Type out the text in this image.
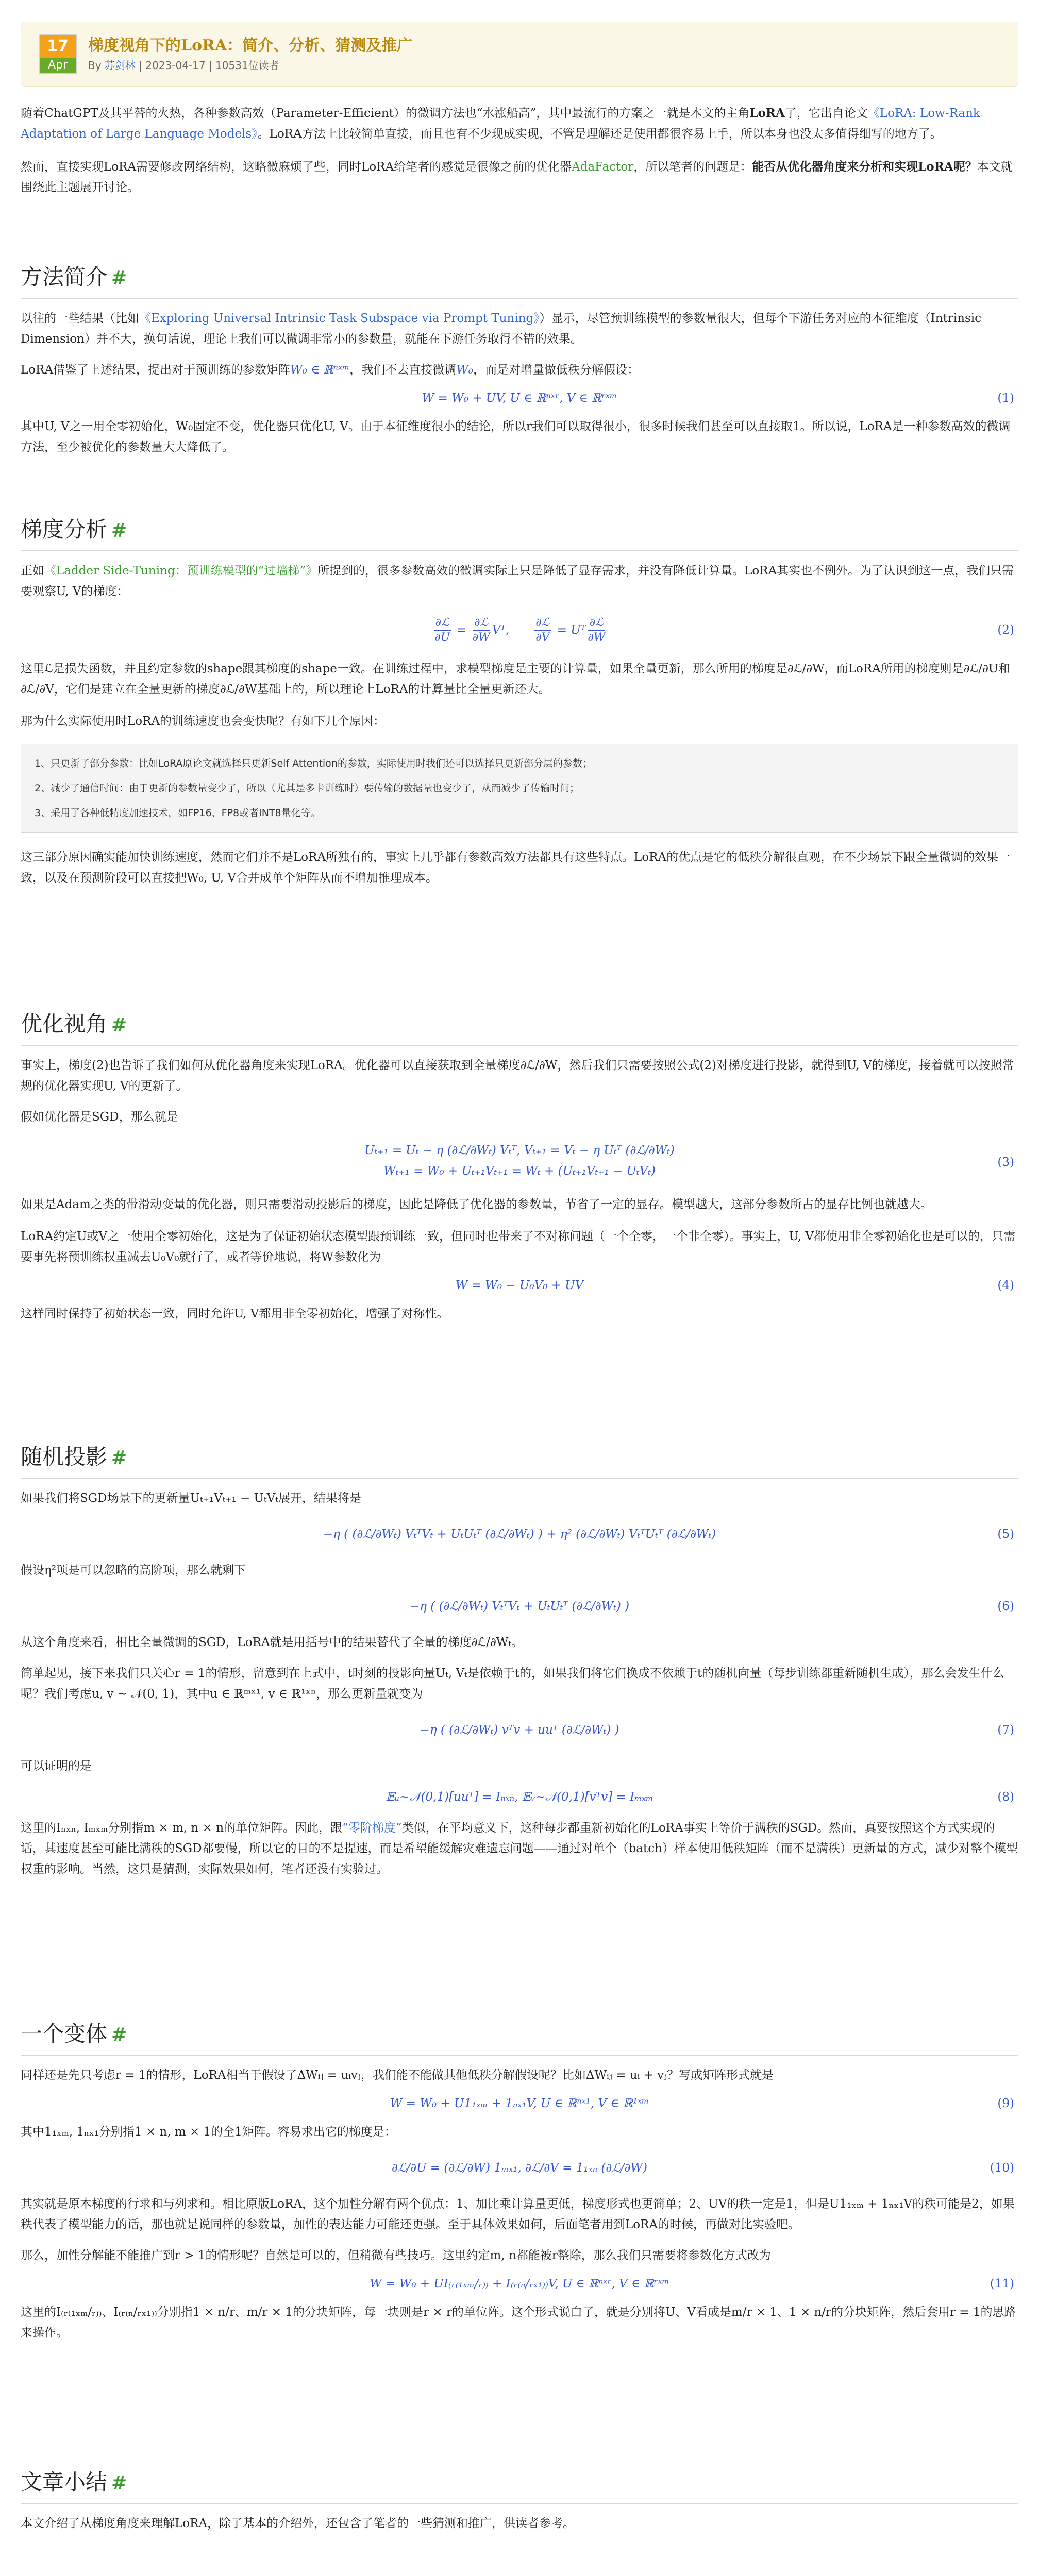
17
Apr
梯度视角下的LoRA：简介、分析、猜测及推广
By 苏剑林 | 2023-04-17 | 10531位读者

随着ChatGPT及其平替的火热，各种参数高效（Parameter-Efficient）的微调方法也“水涨船高”，其中最流行的方案之一就是本文的主角LoRA了，它出自论文《LoRA: Low-Rank Adaptation of Large Language Models》。LoRA方法上比较简单直接，而且也有不少现成实现，不管是理解还是使用都很容易上手，所以本身也没太多值得细写的地方了。

然而，直接实现LoRA需要修改网络结构，这略微麻烦了些，同时LoRA给笔者的感觉是很像之前的优化器AdaFactor，所以笔者的问题是：能否从优化器角度来分析和实现LoRA呢？本文就围绕此主题展开讨论。

方法简介 #

以往的一些结果（比如《Exploring Universal Intrinsic Task Subspace via Prompt Tuning》）显示，尽管预训练模型的参数量很大，但每个下游任务对应的本征维度（Intrinsic Dimension）并不大，换句话说，理论上我们可以微调非常小的参数量，就能在下游任务取得不错的效果。

LoRA借鉴了上述结果，提出对于预训练的参数矩阵W₀ ∈ ℝⁿˣᵐ，我们不去直接微调W₀，而是对增量做低秩分解假设：

W = W₀ + UV, U ∈ ℝⁿˣʳ, V ∈ ℝʳˣᵐ	(1)

其中U, V之一用全零初始化，W₀固定不变，优化器只优化U, V。由于本征维度很小的结论，所以r我们可以取得很小，很多时候我们甚至可以直接取1。所以说，LoRA是一种参数高效的微调方法，至少被优化的参数量大大降低了。

梯度分析 #

正如《Ladder Side-Tuning：预训练模型的“过墙梯”》所提到的，很多参数高效的微调实际上只是降低了显存需求，并没有降低计算量。LoRA其实也不例外。为了认识到这一点，我们只需要观察U, V的梯度：

$\frac{\text{∂ℒ}}{\partial U} = \frac{\text{∂ℒ}}{\partial W}$ Vᵀ, $\frac{\text{∂ℒ}}{\partial V}$ = Uᵀ $\frac{\text{∂ℒ}}{\partial W}$	(2)

这里ℒ是损失函数，并且约定参数的shape跟其梯度的shape一致。在训练过程中，求模型梯度是主要的计算量，如果全量更新，那么所用的梯度是∂ℒ/∂W，而LoRA所用的梯度则是∂ℒ/∂U和∂ℒ/∂V，它们是建立在全量更新的梯度∂ℒ/∂W基础上的，所以理论上LoRA的计算量比全量更新还大。

那为什么实际使用时LoRA的训练速度也会变快呢？有如下几个原因：

1、只更新了部分参数：比如LoRA原论文就选择只更新Self Attention的参数，实际使用时我们还可以选择只更新部分层的参数；

2、减少了通信时间：由于更新的参数量变少了，所以（尤其是多卡训练时）要传输的数据量也变少了，从而减少了传输时间；

3、采用了各种低精度加速技术，如FP16、FP8或者INT8量化等。

这三部分原因确实能加快训练速度，然而它们并不是LoRA所独有的，事实上几乎都有参数高效方法都具有这些特点。LoRA的优点是它的低秩分解很直观，在不少场景下跟全量微调的效果一致，以及在预测阶段可以直接把W₀, U, V合并成单个矩阵从而不增加推理成本。

优化视角 #

事实上，梯度(2)也告诉了我们如何从优化器角度来实现LoRA。优化器可以直接获取到全量梯度∂ℒ/∂W，然后我们只需要按照公式(2)对梯度进行投影，就得到U, V的梯度，接着就可以按照常规的优化器实现U, V的更新了。

假如优化器是SGD，那么就是

Uₜ₊₁ = Uₜ − η (∂ℒ/∂Wₜ) Vₜᵀ, Vₜ₊₁ = Vₜ − η Uₜᵀ (∂ℒ/∂Wₜ)
Wₜ₊₁ = W₀ + Uₜ₊₁Vₜ₊₁ = Wₜ + (Uₜ₊₁Vₜ₊₁ − UₜVₜ)
(3)

如果是Adam之类的带滑动变量的优化器，则只需要滑动投影后的梯度，因此是降低了优化器的参数量，节省了一定的显存。模型越大，这部分参数所占的显存比例也就越大。

LoRA约定U或V之一使用全零初始化，这是为了保证初始状态模型跟预训练一致，但同时也带来了不对称问题（一个全零，一个非全零）。事实上，U, V都使用非全零初始化也是可以的，只需要事先将预训练权重减去U₀V₀就行了，或者等价地说，将W参数化为

W = W₀ − U₀V₀ + UV	(4)

这样同时保持了初始状态一致，同时允许U, V都用非全零初始化，增强了对称性。

随机投影 #

如果我们将SGD场景下的更新量Uₜ₊₁Vₜ₊₁ − UₜVₜ展开，结果将是

−η ( (∂ℒ/∂Wₜ) VₜᵀVₜ + UₜUₜᵀ (∂ℒ/∂Wₜ) ) + η² (∂ℒ/∂Wₜ) VₜᵀUₜᵀ (∂ℒ/∂Wₜ)	(5)

假设η²项是可以忽略的高阶项，那么就剩下

−η ( (∂ℒ/∂Wₜ) VₜᵀVₜ + UₜUₜᵀ (∂ℒ/∂Wₜ) )	(6)

从这个角度来看，相比全量微调的SGD，LoRA就是用括号中的结果替代了全量的梯度∂ℒ/∂Wₜ。

简单起见，接下来我们只关心r = 1的情形，留意到在上式中，t时刻的投影向量Uₜ, Vₜ是依赖于t的，如果我们将它们换成不依赖于t的随机向量（每步训练都重新随机生成），那么会发生什么呢？我们考虑u, v ∼ 𝒩(0, 1)，其中u ∈ ℝᵐˣ¹, v ∈ ℝ¹ˣⁿ，那么更新量就变为

−η ( (∂ℒ/∂Wₜ) vᵀv + uuᵀ (∂ℒ/∂Wₜ) )	(7)

可以证明的是

𝔼ᵤ∼𝒩(0,1)[uuᵀ] = Iₙₓₙ, 𝔼ᵥ∼𝒩(0,1)[vᵀv] = Iₘₓₘ	(8)

这里的Iₙₓₙ, Iₘₓₘ分别指m × m, n × n的单位矩阵。因此，跟“零阶梯度”类似，在平均意义下，这种每步都重新初始化的LoRA事实上等价于满秩的SGD。然而，真要按照这个方式实现的话，其速度甚至可能比满秩的SGD都要慢，所以它的目的不是提速，而是希望能缓解灾难遗忘问题——通过对单个（batch）样本使用低秩矩阵（而不是满秩）更新量的方式，减少对整个模型权重的影响。当然，这只是猜测，实际效果如何，笔者还没有实验过。

一个变体 #

同样还是先只考虑r = 1的情形，LoRA相当于假设了ΔWᵢⱼ = uᵢvⱼ，我们能不能做其他低秩分解假设呢？比如ΔWᵢⱼ = uᵢ + vⱼ？写成矩阵形式就是

W = W₀ + U1₁ₓₘ + 1ₙₓ₁V, U ∈ ℝⁿˣ¹, V ∈ ℝ¹ˣᵐ	(9)

其中1₁ₓₘ, 1ₙₓ₁分别指1 × n, m × 1的全1矩阵。容易求出它的梯度是：

∂ℒ/∂U = (∂ℒ/∂W) 1ₘₓ₁, ∂ℒ/∂V = 1₁ₓₙ (∂ℒ/∂W)	(10)

其实就是原本梯度的行求和与列求和。相比原版LoRA，这个加性分解有两个优点：1、加比乘计算量更低，梯度形式也更简单；2、UV的秩一定是1，但是U1₁ₓₘ + 1ₙₓ₁V的秩可能是2，如果秩代表了模型能力的话，那也就是说同样的参数量，加性的表达能力可能还更强。至于具体效果如何，后面笔者用到LoRA的时候，再做对比实验吧。

那么，加性分解能不能推广到r > 1的情形呢？自然是可以的，但稍微有些技巧。这里约定m, n都能被r整除，那么我们只需要将参数化方式改为

W = W₀ + UI₍ᵣ₍₁ₓₘ/ᵣ₎₎ + I₍ᵣ₍ₙ/ᵣₓ₁₎₎V, U ∈ ℝⁿˣʳ, V ∈ ℝʳˣᵐ	(11)

这里的I₍ᵣ₍₁ₓₘ/ᵣ₎₎、I₍ᵣ₍ₙ/ᵣₓ₁₎₎分别指1 × n/r、m/r × 1的分块矩阵，每一块则是r × r的单位阵。这个形式说白了，就是分别将U、V看成是m/r × 1、1 × n/r的分块矩阵，然后套用r = 1的思路来操作。

文章小结 #

本文介绍了从梯度角度来理解LoRA，除了基本的介绍外，还包含了笔者的一些猜测和推广，供读者参考。
